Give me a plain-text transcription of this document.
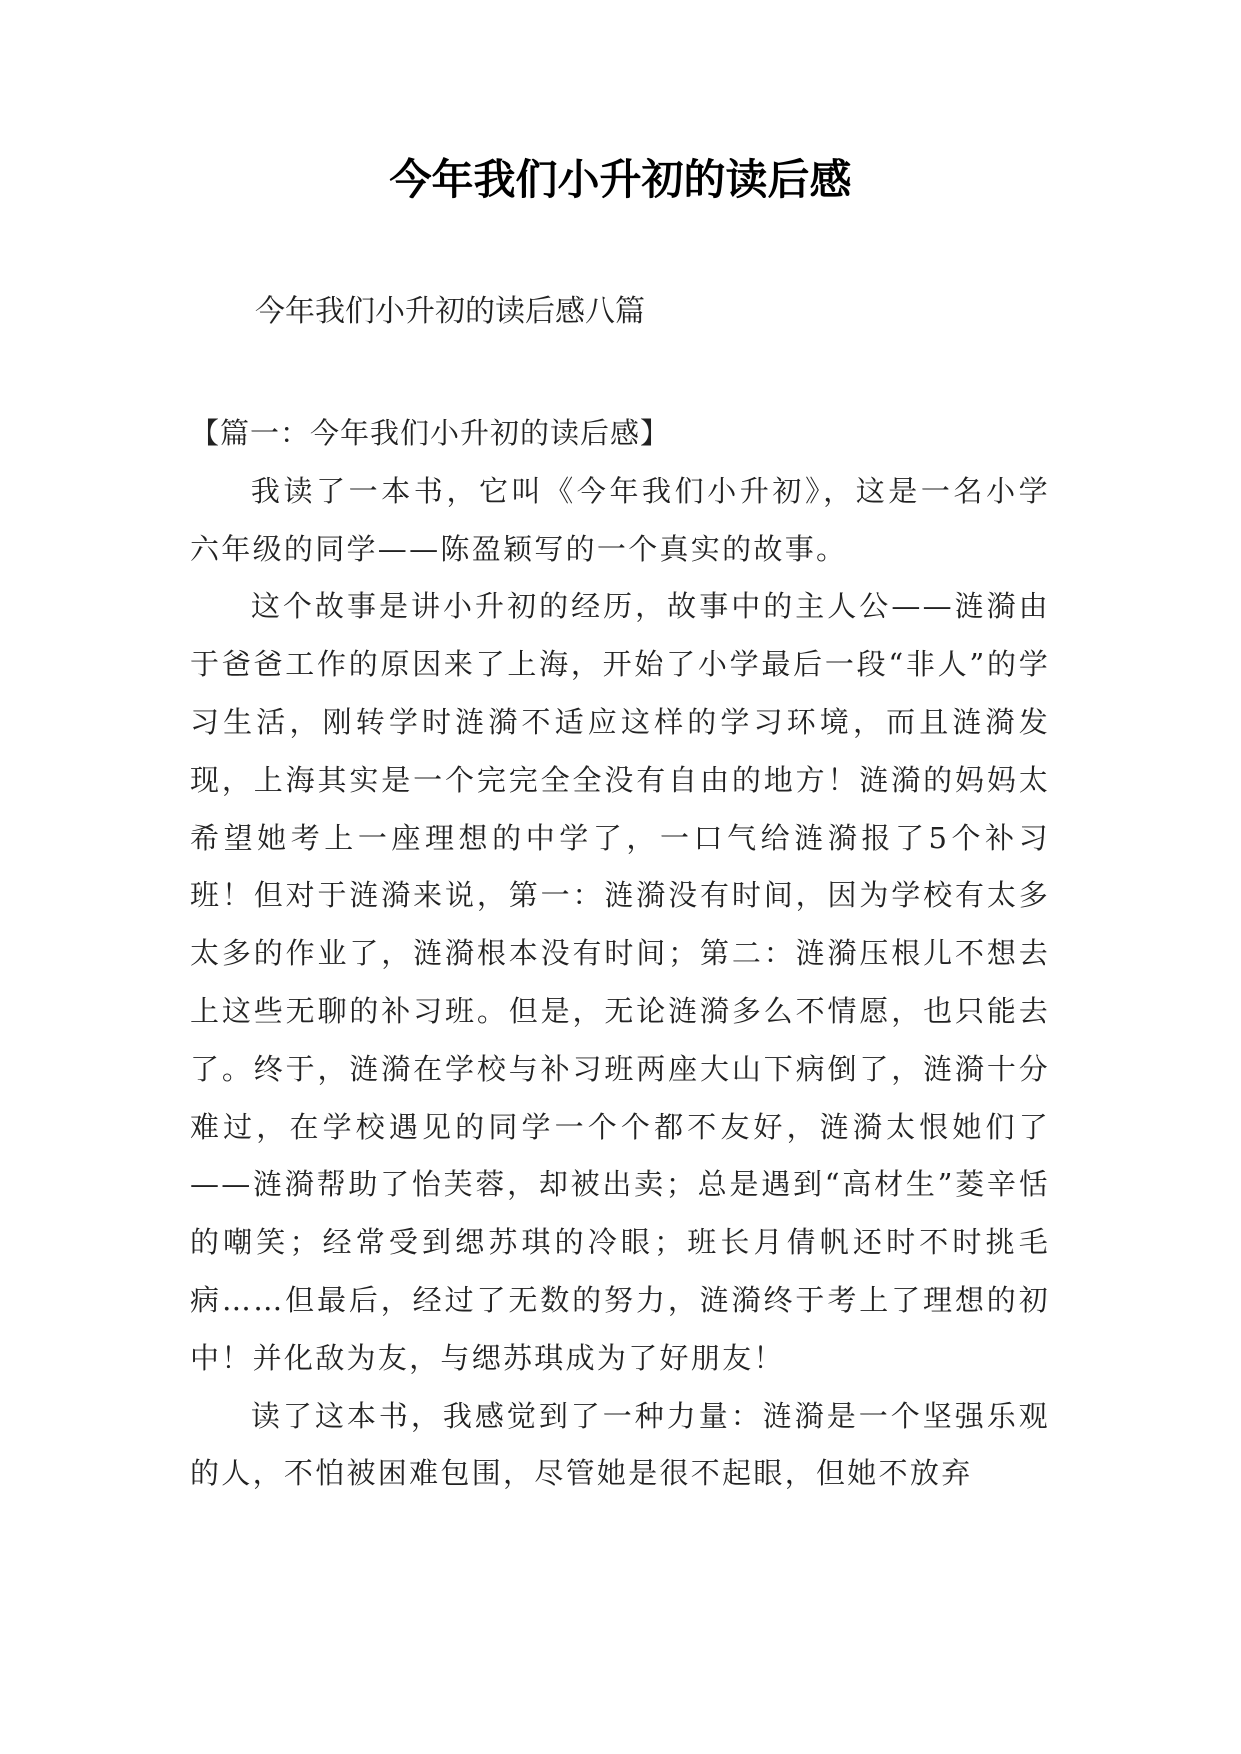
今年我们小升初的读后感

今年我们小升初的读后感八篇

【篇一：今年我们小升初的读后感】

我读了一本书，它叫《今年我们小升初》，这是一名小学六年级的同学——陈盈颖写的一个真实的故事。

这个故事是讲小升初的经历，故事中的主人公——涟漪由于爸爸工作的原因来了上海，开始了小学最后一段“非人”的学习生活，刚转学时涟漪不适应这样的学习环境，而且涟漪发现，上海其实是一个完完全全没有自由的地方！涟漪的妈妈太希望她考上一座理想的中学了，一口气给涟漪报了5个补习班！但对于涟漪来说，第一：涟漪没有时间，因为学校有太多太多的作业了，涟漪根本没有时间；第二：涟漪压根儿不想去上这些无聊的补习班。但是，无论涟漪多么不情愿，也只能去了。终于，涟漪在学校与补习班两座大山下病倒了，涟漪十分难过，在学校遇见的同学一个个都不友好，涟漪太恨她们了——涟漪帮助了怡芙蓉，却被出卖；总是遇到“高材生”菱辛恬的嘲笑；经常受到缌苏琪的冷眼；班长月倩帆还时不时挑毛病……但最后，经过了无数的努力，涟漪终于考上了理想的初中！并化敌为友，与缌苏琪成为了好朋友！

读了这本书，我感觉到了一种力量：涟漪是一个坚强乐观的人，不怕被困难包围，尽管她是很不起眼，但她不放弃
